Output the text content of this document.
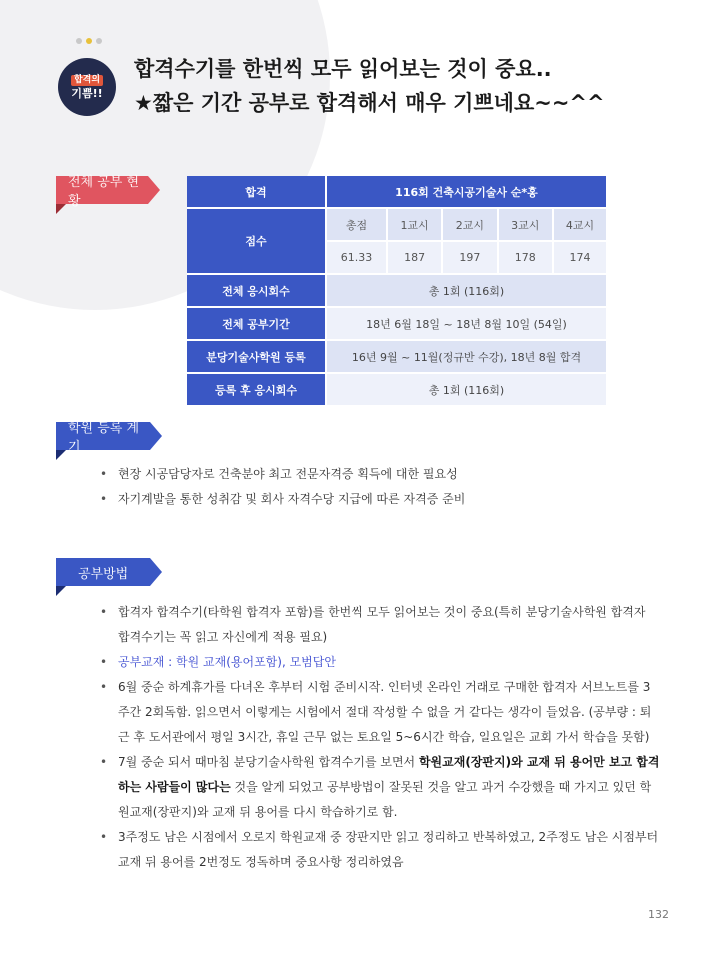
합격의
기쁨!!
합격수기를 한번씩 모두 읽어보는 것이 중요..
★짧은 기간 공부로 합격해서 매우 기쁘네요~~^^
전체 공부 현황
합격	116회 건축시공기술사 순*홍				
점수	총점	1교시	2교시	3교시	4교시
	61.33	187	197	178	174
전체 응시회수	총 1회 (116회)				
전체 공부기간	18년 6월 18일 ~ 18년 8월 10일 (54일)				
분당기술사학원 등록	16년 9월 ~ 11월(정규반 수강), 18년 8월 합격				
등록 후 응시회수	총 1회 (116회)				
학원 등록 계기
• 현장 시공담당자로 건축분야 최고 전문자격증 획득에 대한 필요성
• 자기계발을 통한 성취감 및 회사 자격수당 지급에 따른 자격증 준비
공부방법
• 합격자 합격수기(타학원 합격자 포함)를 한번씩 모두 읽어보는 것이 중요(특히 분당기술사학원 합격자 합격수기는 꼭 읽고 자신에게 적용 필요)
• 공부교재 : 학원 교재(용어포함), 모범답안
• 6월 중순 하계휴가를 다녀온 후부터 시험 준비시작. 인터넷 온라인 거래로 구매한 합격자 서브노트를 3주간 2회독함. 읽으면서 이렇게는 시험에서 절대 작성할 수 없을 거 같다는 생각이 들었음. (공부량 : 퇴근 후 도서관에서 평일 3시간, 휴일 근무 없는 토요일 5~6시간 학습, 일요일은 교회 가서 학습을 못함)
• 7월 중순 되서 때마침 분당기술사학원 합격수기를 보면서 학원교재(장판지)와 교재 뒤 용어만 보고 합격하는 사람들이 많다는 것을 알게 되었고 공부방법이 잘못된 것을 알고 과거 수강했을 때 가지고 있던 학원교재(장판지)와 교재 뒤 용어를 다시 학습하기로 함.
• 3주정도 남은 시점에서 오로지 학원교재 중 장판지만 읽고 정리하고 반복하였고, 2주정도 남은 시점부터 교재 뒤 용어를 2번정도 정독하며 중요사항 정리하였음
132
